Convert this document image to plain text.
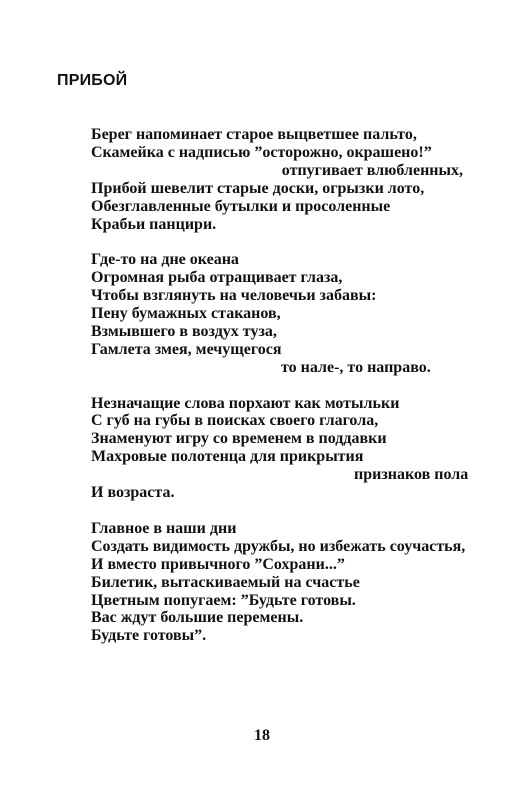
ПРИБОЙ
Берег напоминает старое выцветшее пальто,
Скамейка с надписью ”осторожно, окрашено!”
отпугивает влюбленных,
Прибой шевелит старые доски, огрызки лото,
Обезглавленные бутылки и просоленные
Крабьи панцири.
Где-то на дне океана
Огромная рыба отращивает глаза,
Чтобы взглянуть на человечьи забавы:
Пену бумажных стаканов,
Взмывшего в воздух туза,
Гамлета змея, мечущегося
то нале-, то направо.
Незначащие слова порхают как мотыльки
С губ на губы в поисках своего глагола,
Знаменуют игру со временем в поддавки
Махровые полотенца для прикрытия
признаков пола
И возраста.
Главное в наши дни
Создать видимость дружбы, но избежать соучастья,
И вместо привычного ”Сохрани...”
Билетик, вытаскиваемый на счастье
Цветным попугаем: ”Будьте готовы.
Вас ждут большие перемены.
Будьте готовы”.
18
